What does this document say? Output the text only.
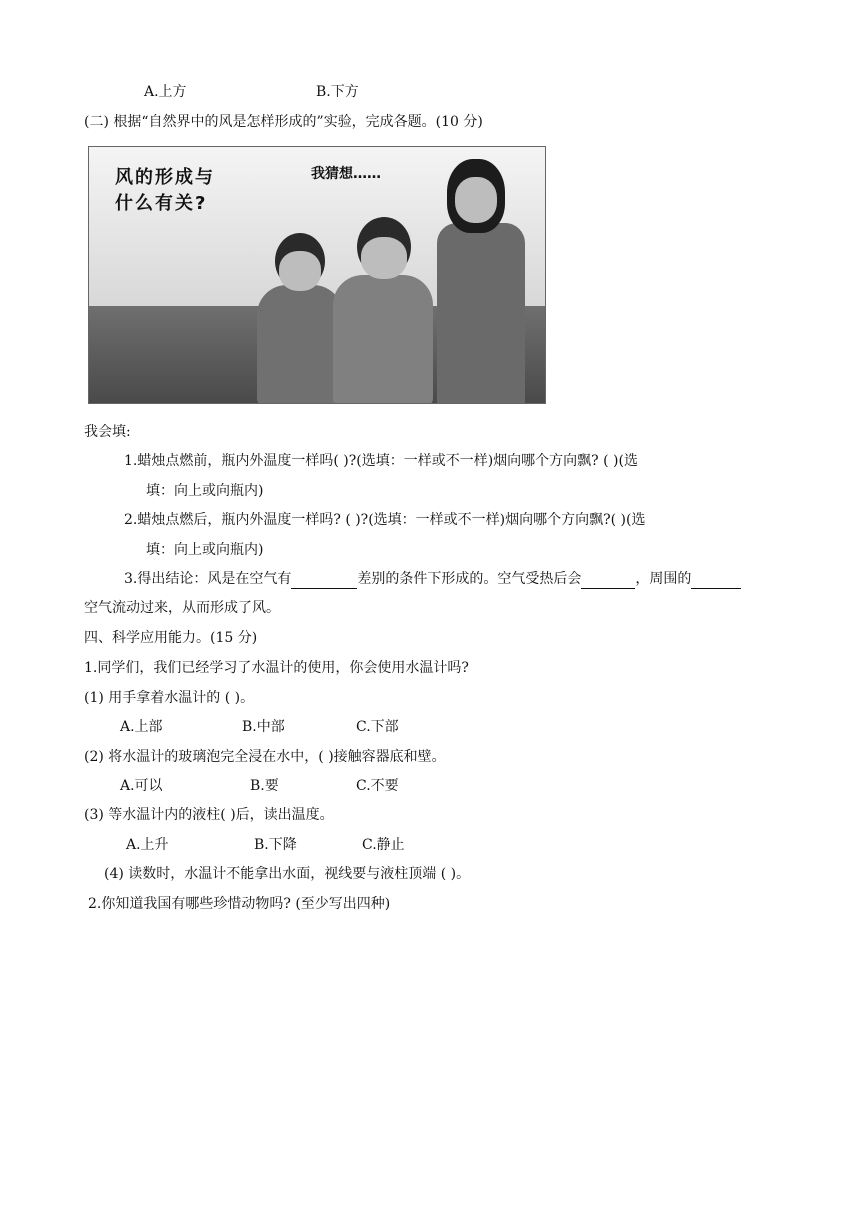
A.上方	B.下方
(二) 根据“自然界中的风是怎样形成的”实验，完成各题。(10 分)
风的形成与
什么有关?
我猜想……
我会填:
1.蜡烛点燃前，瓶内外温度一样吗( )?(选填：一样或不一样)烟向哪个方向飘? ( )(选
填：向上或向瓶内)
2.蜡烛点燃后，瓶内外温度一样吗? ( )?(选填：一样或不一样)烟向哪个方向飘?( )(选
填：向上或向瓶内)
3.得出结论：风是在空气有	差别的条件下形成的。空气受热后会	，周围的
空气流动过来，从而形成了风。
四、科学应用能力。(15 分)
1.同学们，我们已经学习了水温计的使用，你会使用水温计吗?
(1) 用手拿着水温计的 ( )。
A.上部	B.中部	C.下部
(2) 将水温计的玻璃泡完全浸在水中，( )接触容器底和壁。
A.可以	B.要	C.不要
(3) 等水温计内的液柱( )后，读出温度。
A.上升	B.下降	C.静止
(4) 读数时，水温计不能拿出水面，视线要与液柱顶端 ( )。
2.你知道我国有哪些珍惜动物吗? (至少写出四种)
